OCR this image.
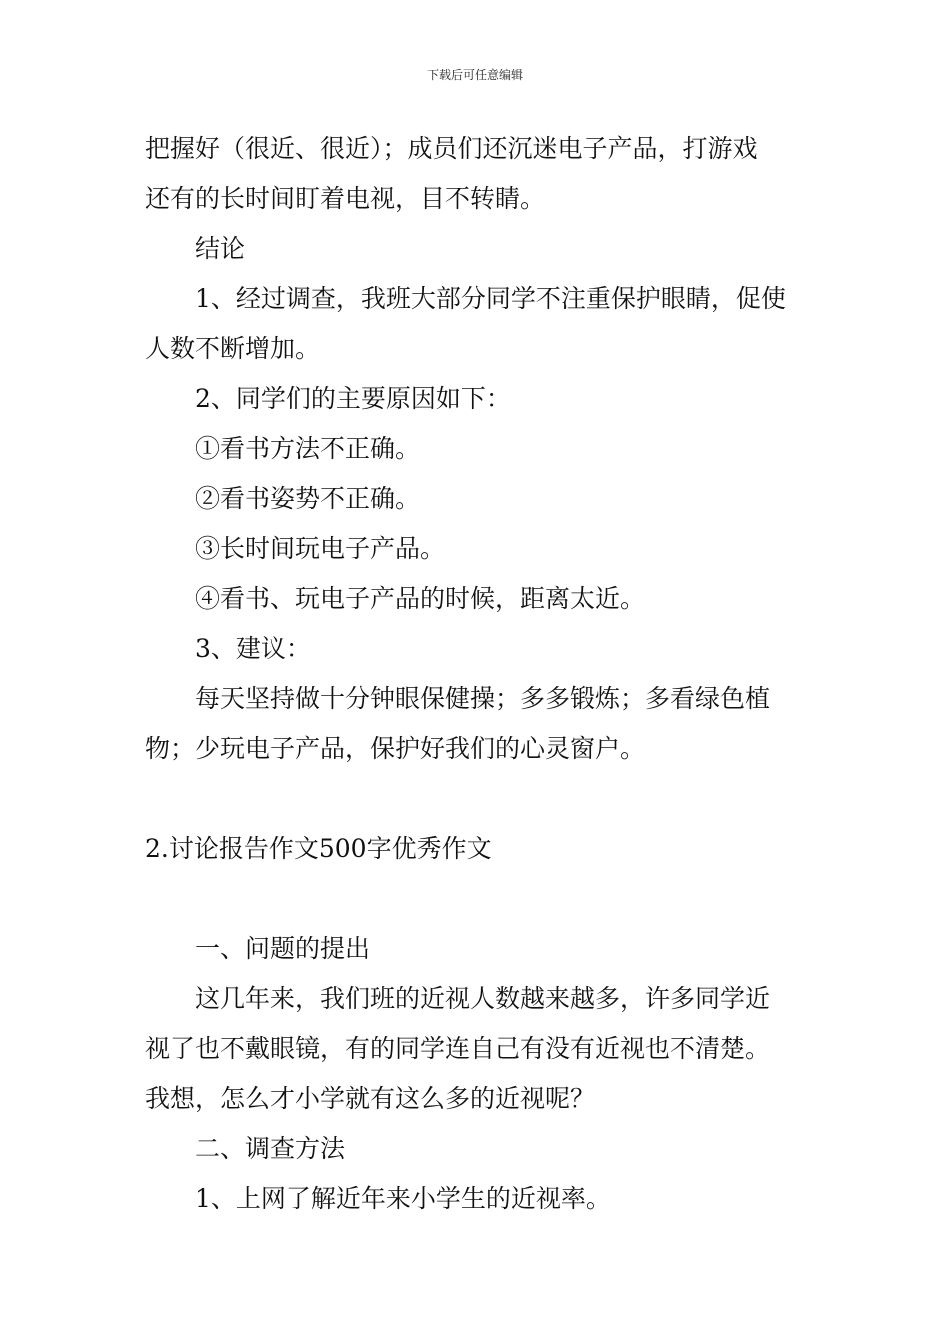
下载后可任意编辑
把握好（很近、很近）；成员们还沉迷电子产品，打游戏
还有的长时间盯着电视，目不转睛。
结论
1、经过调查，我班大部分同学不注重保护眼睛，促使
人数不断增加。
2、同学们的主要原因如下：
①看书方法不正确。
②看书姿势不正确。
③长时间玩电子产品。
④看书、玩电子产品的时候，距离太近。
3、建议：
每天坚持做十分钟眼保健操；多多锻炼；多看绿色植
物；少玩电子产品，保护好我们的心灵窗户。
2.讨论报告作文500字优秀作文
一、问题的提出
这几年来，我们班的近视人数越来越多，许多同学近
视了也不戴眼镜，有的同学连自己有没有近视也不清楚。
我想，怎么才小学就有这么多的近视呢？
二、调查方法
1、上网了解近年来小学生的近视率。
